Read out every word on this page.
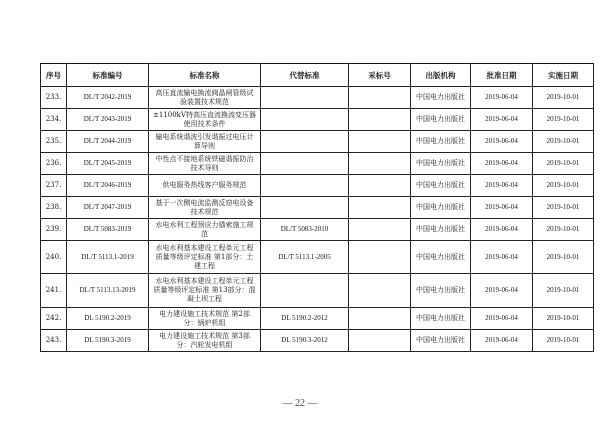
序号	标准编号	标准名称	代替标准	采标号	出版机构	批准日期	实施日期
233.	DL/T 2042-2019	高压直流输电换流阀晶闸管级试验装置技术规范			中国电力出版社	2019-06-04	2019-10-01
234.	DL/T 2043-2019	±1100kV特高压直流换流变压器使用技术条件			中国电力出版社	2019-06-04	2019-10-01
235.	DL/T 2044-2019	输电系统谐波引发谐振过电压计算导则			中国电力出版社	2019-06-04	2019-10-01
236.	DL/T 2045-2019	中性点不接地系统铁磁谐振防治技术导则			中国电力出版社	2019-06-04	2019-10-01
237.	DL/T 2046-2019	供电服务热线客户服务规范			中国电力出版社	2019-06-04	2019-10-01
238.	DL/T 2047-2019	基于一次侧电流监测反窃电设备技术规范			中国电力出版社	2019-06-04	2019-10-01
239.	DL/T 5083-2019	水电水利工程预应力锚索施工规范	DL/T 5083-2010		中国电力出版社	2019-06-04	2019-10-01
240.	DL/T 5113.1-2019	水电水利基本建设工程单元工程质量等级评定标准 第1部分：土建工程	DL/T 5113.1-2005		中国电力出版社	2019-06-04	2019-10-01
241.	DL/T 5113.13-2019	水电水利基本建设工程单元工程质量等级评定标准 第13部分：混凝土坝工程			中国电力出版社	2019-06-04	2019-10-01
242.	DL 5190.2-2019	电力建设施工技术规范 第2部分：锅炉机组	DL 5190.2-2012		中国电力出版社	2019-06-04	2019-10-01
243.	DL 5190.3-2019	电力建设施工技术规范 第3部分：汽轮发电机组	DL 5190.3-2012		中国电力出版社	2019-06-04	2019-10-01
— 22 —
